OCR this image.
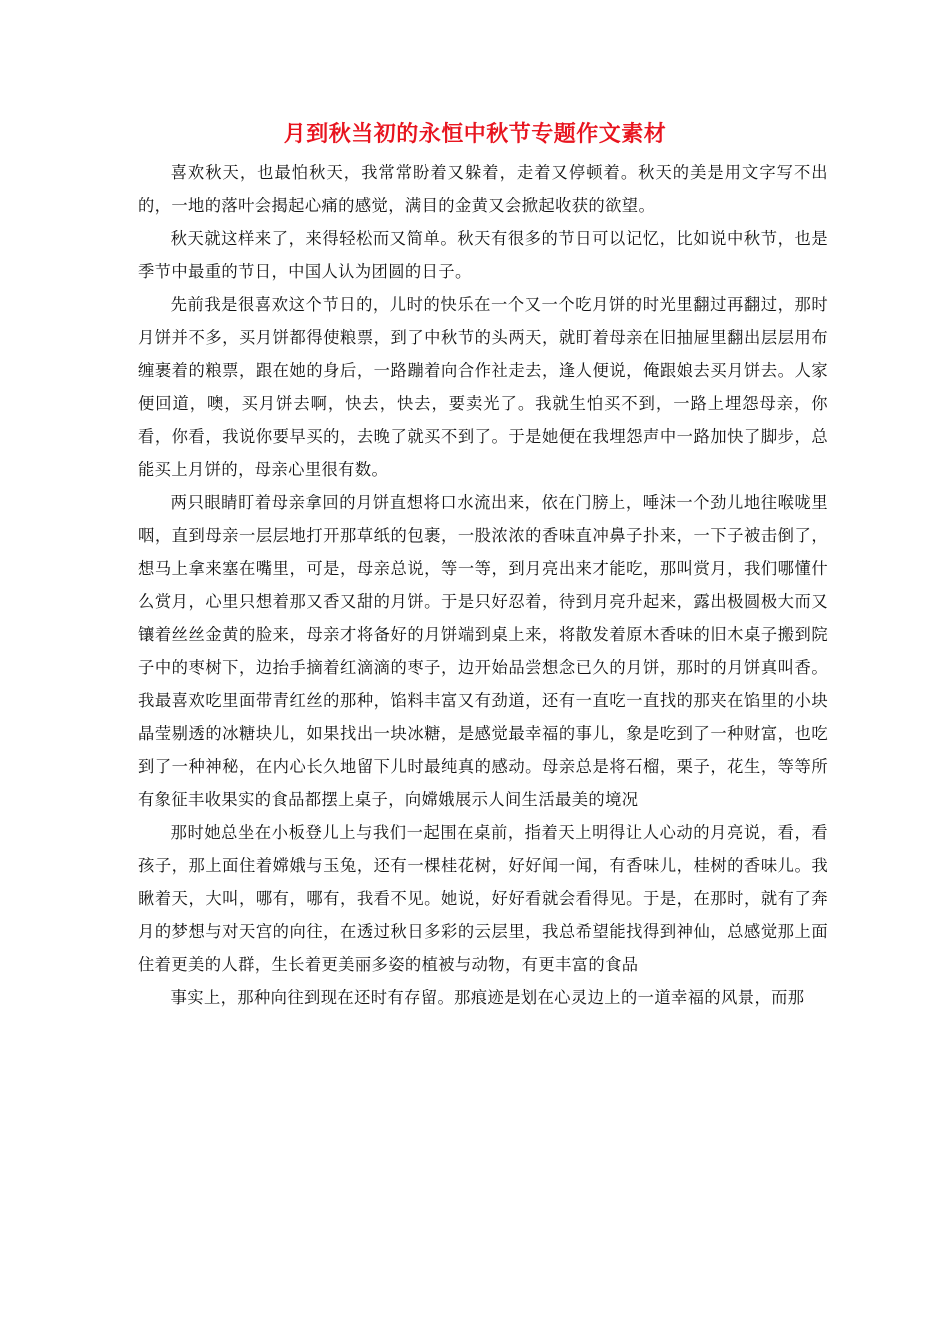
月到秋当初的永恒中秋节专题作文素材

喜欢秋天，也最怕秋天，我常常盼着又躲着，走着又停顿着。秋天的美是用文字写不出的，一地的落叶会揭起心痛的感觉，满目的金黄又会掀起收获的欲望。

秋天就这样来了，来得轻松而又简单。秋天有很多的节日可以记忆，比如说中秋节，也是季节中最重的节日，中国人认为团圆的日子。

先前我是很喜欢这个节日的，儿时的快乐在一个又一个吃月饼的时光里翻过再翻过，那时月饼并不多，买月饼都得使粮票，到了中秋节的头两天，就盯着母亲在旧抽屉里翻出层层用布缠裹着的粮票，跟在她的身后，一路蹦着向合作社走去，逢人便说，俺跟娘去买月饼去。人家便回道，噢，买月饼去啊，快去，快去，要卖光了。我就生怕买不到，一路上埋怨母亲，你看，你看，我说你要早买的，去晚了就买不到了。于是她便在我埋怨声中一路加快了脚步，总能买上月饼的，母亲心里很有数。

两只眼睛盯着母亲拿回的月饼直想将口水流出来，依在门膀上，唾沫一个劲儿地往喉咙里咽，直到母亲一层层地打开那草纸的包裹，一股浓浓的香味直冲鼻子扑来，一下子被击倒了，想马上拿来塞在嘴里，可是，母亲总说，等一等，到月亮出来才能吃，那叫赏月，我们哪懂什么赏月，心里只想着那又香又甜的月饼。于是只好忍着，待到月亮升起来，露出极圆极大而又镶着丝丝金黄的脸来，母亲才将备好的月饼端到桌上来，将散发着原木香味的旧木桌子搬到院子中的枣树下，边抬手摘着红滴滴的枣子，边开始品尝想念已久的月饼，那时的月饼真叫香。我最喜欢吃里面带青红丝的那种，馅料丰富又有劲道，还有一直吃一直找的那夹在馅里的小块晶莹剔透的冰糖块儿，如果找出一块冰糖，是感觉最幸福的事儿，象是吃到了一种财富，也吃到了一种神秘，在内心长久地留下儿时最纯真的感动。母亲总是将石榴，栗子，花生，等等所有象征丰收果实的食品都摆上桌子，向嫦娥展示人间生活最美的境况

那时她总坐在小板登儿上与我们一起围在桌前，指着天上明得让人心动的月亮说，看，看孩子，那上面住着嫦娥与玉兔，还有一棵桂花树，好好闻一闻，有香味儿，桂树的香味儿。我瞅着天，大叫，哪有，哪有，我看不见。她说，好好看就会看得见。于是，在那时，就有了奔月的梦想与对天宫的向往，在透过秋日多彩的云层里，我总希望能找得到神仙，总感觉那上面住着更美的人群，生长着更美丽多姿的植被与动物，有更丰富的食品

事实上，那种向往到现在还时有存留。那痕迹是划在心灵边上的一道幸福的风景，而那
